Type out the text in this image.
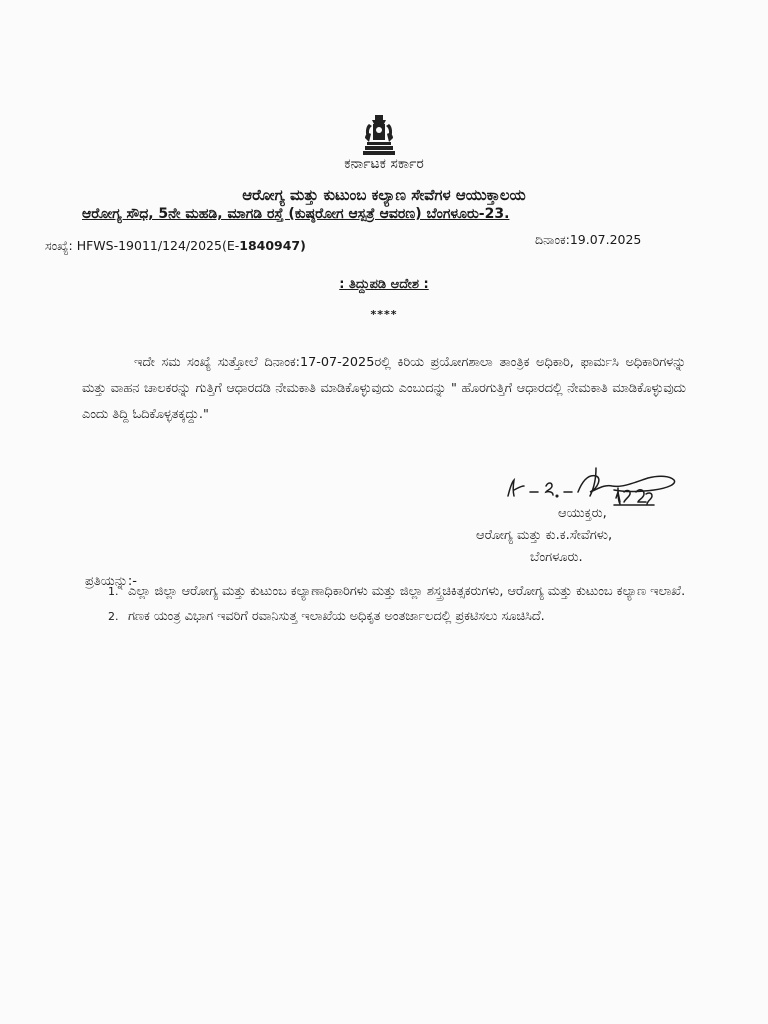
ಕರ್ನಾಟಕ ಸರ್ಕಾರ
ಆರೋಗ್ಯ ಮತ್ತು ಕುಟುಂಬ ಕಲ್ಯಾಣ ಸೇವೆಗಳ ಆಯುಕ್ತಾಲಯ
ಆರೋಗ್ಯ ಸೌಧ, 5ನೇ ಮಹಡಿ, ಮಾಗಡಿ ರಸ್ತೆ (ಕುಷ್ಠರೋಗ ಆಸ್ಪತ್ರೆ ಆವರಣ) ಬೆಂಗಳೂರು-23.
ಸಂಖ್ಯೆ: HFWS-19011/124/2025(E-1840947)	ದಿನಾಂಕ:19.07.2025
: ತಿದ್ದುಪಡಿ ಆದೇಶ :
****

ಇದೇ ಸಮ ಸಂಖ್ಯೆ ಸುತ್ತೋಲೆ ದಿನಾಂಕ:17-07-2025ರಲ್ಲಿ ಕಿರಿಯ ಪ್ರಯೋಗಶಾಲಾ ತಾಂತ್ರಿಕ ಅಧಿಕಾರಿ, ಫಾರ್ಮಸಿ ಅಧಿಕಾರಿಗಳನ್ನು ಮತ್ತು ವಾಹನ ಚಾಲಕರನ್ನು ಗುತ್ತಿಗೆ ಆಧಾರದಡಿ ನೇಮಕಾತಿ ಮಾಡಿಕೊಳ್ಳುವುದು ಎಂಬುದನ್ನು " ಹೊರಗುತ್ತಿಗೆ ಆಧಾರದಲ್ಲಿ ನೇಮಕಾತಿ ಮಾಡಿಕೊಳ್ಳುವುದು ಎಂದು ತಿದ್ದಿ ಓದಿಕೊಳ್ಳತಕ್ಕದ್ದು."

ಆಯುಕ್ತರು,
ಆರೋಗ್ಯ ಮತ್ತು ಕು.ಕ.ಸೇವೆಗಳು,
ಬೆಂಗಳೂರು.
ಪ್ರತಿಯನ್ನು:-
1. ಎಲ್ಲಾ ಜಿಲ್ಲಾ ಆರೋಗ್ಯ ಮತ್ತು ಕುಟುಂಬ ಕಲ್ಯಾಣಾಧಿಕಾರಿಗಳು ಮತ್ತು ಜಿಲ್ಲಾ ಶಸ್ತ್ರಚಿಕಿತ್ಸಕರುಗಳು, ಆರೋಗ್ಯ ಮತ್ತು ಕುಟುಂಬ ಕಲ್ಯಾಣ ಇಲಾಖೆ.
2. ಗಣಕ ಯಂತ್ರ ವಿಭಾಗ ಇವರಿಗೆ ರವಾನಿಸುತ್ತ ಇಲಾಖೆಯ ಅಧಿಕೃತ ಅಂತರ್ಜಾಲದಲ್ಲಿ ಪ್ರಕಟಿಸಲು ಸೂಚಿಸಿದೆ.
